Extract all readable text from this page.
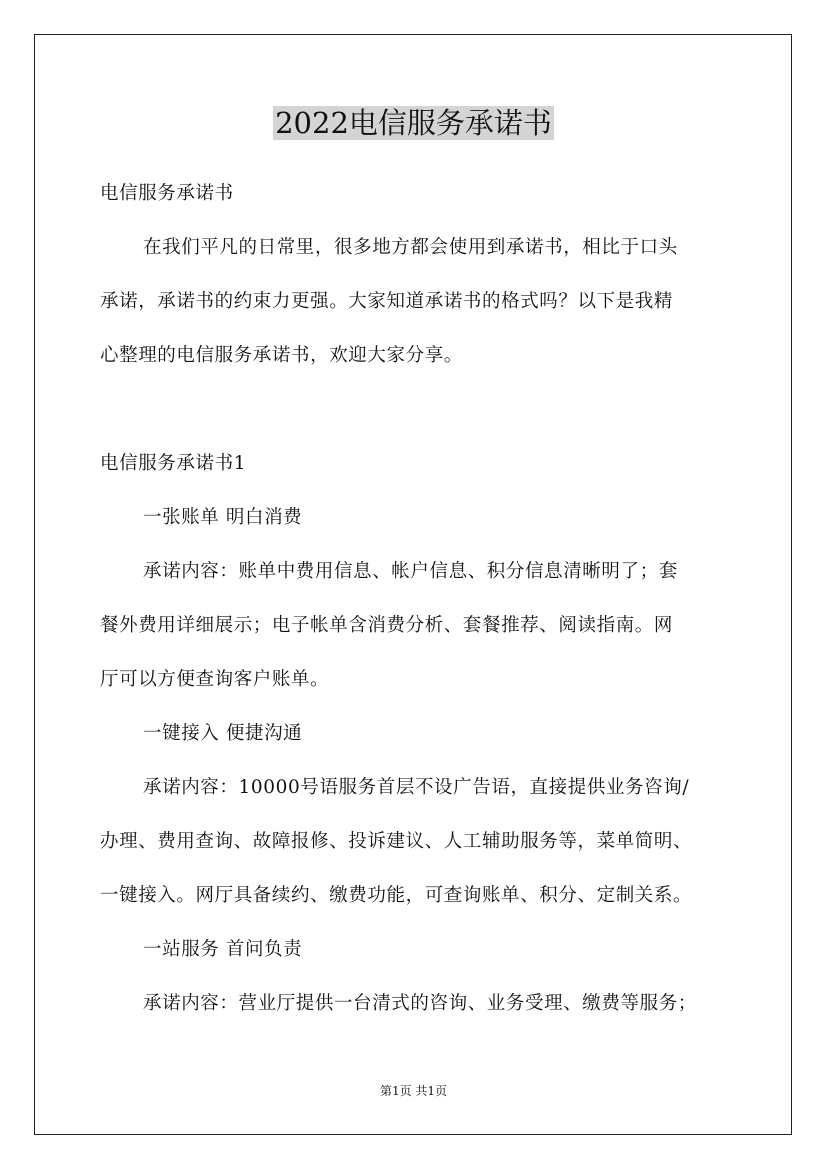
2022电信服务承诺书
电信服务承诺书
在我们平凡的日常里，很多地方都会使用到承诺书，相比于口头
承诺，承诺书的约束力更强。大家知道承诺书的格式吗？以下是我精
心整理的电信服务承诺书，欢迎大家分享。
电信服务承诺书1
一张账单 明白消费
承诺内容：账单中费用信息、帐户信息、积分信息清晰明了；套
餐外费用详细展示；电子帐单含消费分析、套餐推荐、阅读指南。网
厅可以方便查询客户账单。
一键接入 便捷沟通
承诺内容：10000号语服务首层不设广告语，直接提供业务咨询/
办理、费用查询、故障报修、投诉建议、人工辅助服务等，菜单简明、
一键接入。网厅具备续约、缴费功能，可查询账单、积分、定制关系。
一站服务 首问负责
承诺内容：营业厅提供一台清式的咨询、业务受理、缴费等服务；
第1页 共1页
